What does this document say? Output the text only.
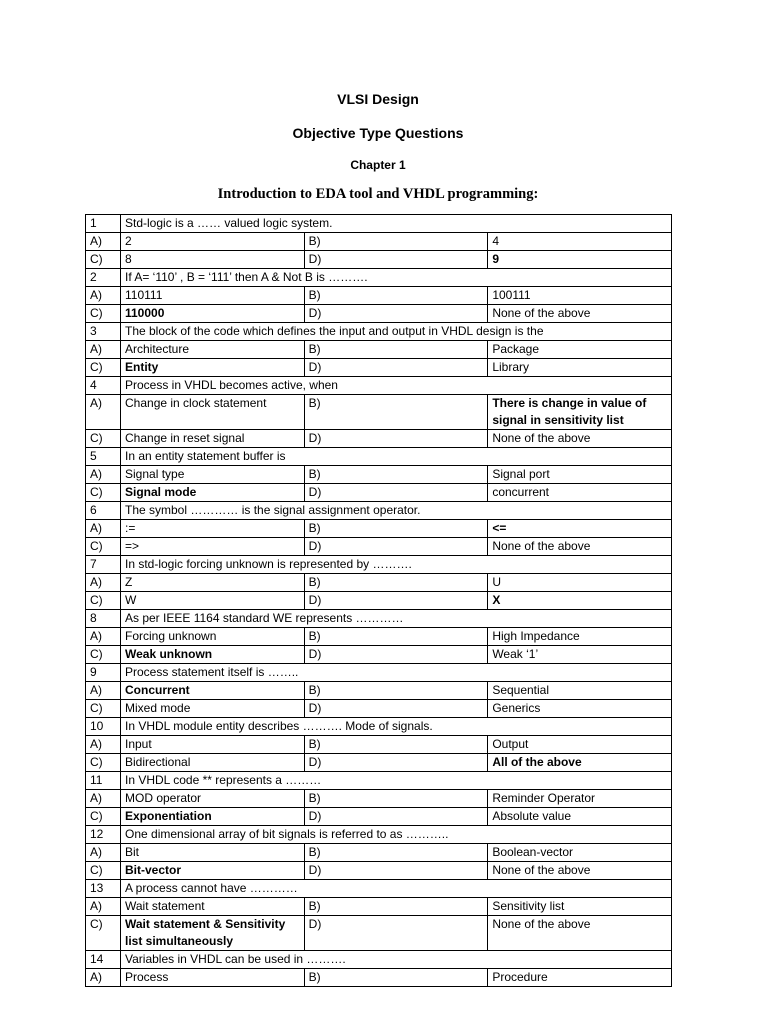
VLSI Design
Objective Type Questions
Chapter 1
Introduction to EDA tool and VHDL programming:
1	Std-logic is a …… valued logic system.		
A)	2	B)	4
C)	8	D)	9
2	If A= ‘110’ , B = ‘111’ then A & Not B is ……….		
A)	110111	B)	100111
C)	110000	D)	None of the above
3	The block of the code which defines the input and output in VHDL design is the		
A)	Architecture	B)	Package
C)	Entity	D)	Library
4	Process in VHDL becomes active, when		
A)	Change in clock statement	B)	There is change in value of signal in sensitivity list
C)	Change in reset signal	D)	None of the above
5	In an entity statement buffer is		
A)	Signal type	B)	Signal port
C)	Signal mode	D)	concurrent
6	The symbol ………… is the signal assignment operator.		
A)	:=	B)	<=
C)	=>	D)	None of the above
7	In std-logic forcing unknown is represented by ……….		
A)	Z	B)	U
C)	W	D)	X
8	As per IEEE 1164 standard WE represents …………		
A)	Forcing unknown	B)	High Impedance
C)	Weak unknown	D)	Weak ‘1’
9	Process statement itself is ……..		
A)	Concurrent	B)	Sequential
C)	Mixed mode	D)	Generics
10	In VHDL module entity describes ………. Mode of signals.		
A)	Input	B)	Output
C)	Bidirectional	D)	All of the above
11	In VHDL code ** represents a ………		
A)	MOD operator	B)	Reminder Operator
C)	Exponentiation	D)	Absolute value
12	One dimensional array of bit signals is referred to as ………..		
A)	Bit	B)	Boolean-vector
C)	Bit-vector	D)	None of the above
13	A process cannot have …………		
A)	Wait statement	B)	Sensitivity list
C)	Wait statement & Sensitivity list simultaneously	D)	None of the above
14	Variables in VHDL can be used in ……….		
A)	Process	B)	Procedure
